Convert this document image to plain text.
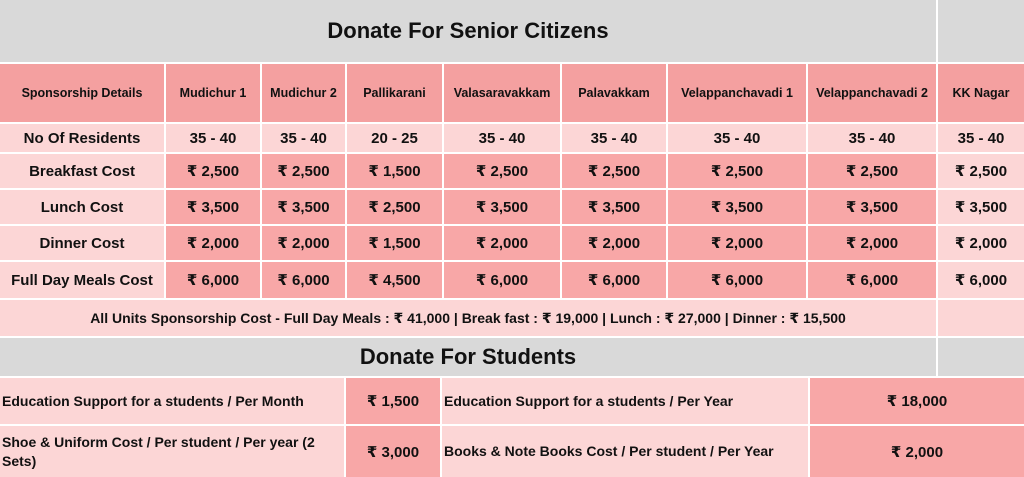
Donate For Senior Citizens
Sponsorship Details	Mudichur 1	Mudichur 2	Pallikarani	Valasaravakkam	Palavakkam	Velappanchavadi 1	Velappanchavadi 2	KK Nagar
No Of Residents	35 - 40	35 - 40	20 - 25	35 - 40	35 - 40	35 - 40	35 - 40	35 - 40
Breakfast Cost	₹ 2,500	₹ 2,500	₹ 1,500	₹ 2,500	₹ 2,500	₹ 2,500	₹ 2,500	₹ 2,500
Lunch Cost	₹ 3,500	₹ 3,500	₹ 2,500	₹ 3,500	₹ 3,500	₹ 3,500	₹ 3,500	₹ 3,500
Dinner Cost	₹ 2,000	₹ 2,000	₹ 1,500	₹ 2,000	₹ 2,000	₹ 2,000	₹ 2,000	₹ 2,000
Full Day Meals Cost	₹ 6,000	₹ 6,000	₹ 4,500	₹ 6,000	₹ 6,000	₹ 6,000	₹ 6,000	₹ 6,000
All Units Sponsorship Cost - Full Day Meals : ₹ 41,000 | Break fast : ₹ 19,000 | Lunch : ₹ 27,000 | Dinner : ₹ 15,500
Donate For Students
Education Support for a students / Per Month	₹ 1,500	Education Support for a students / Per Year	₹ 18,000
Shoe & Uniform Cost / Per student / Per year (2 Sets)	₹ 3,000	Books & Note Books Cost / Per student / Per Year	₹ 2,000
